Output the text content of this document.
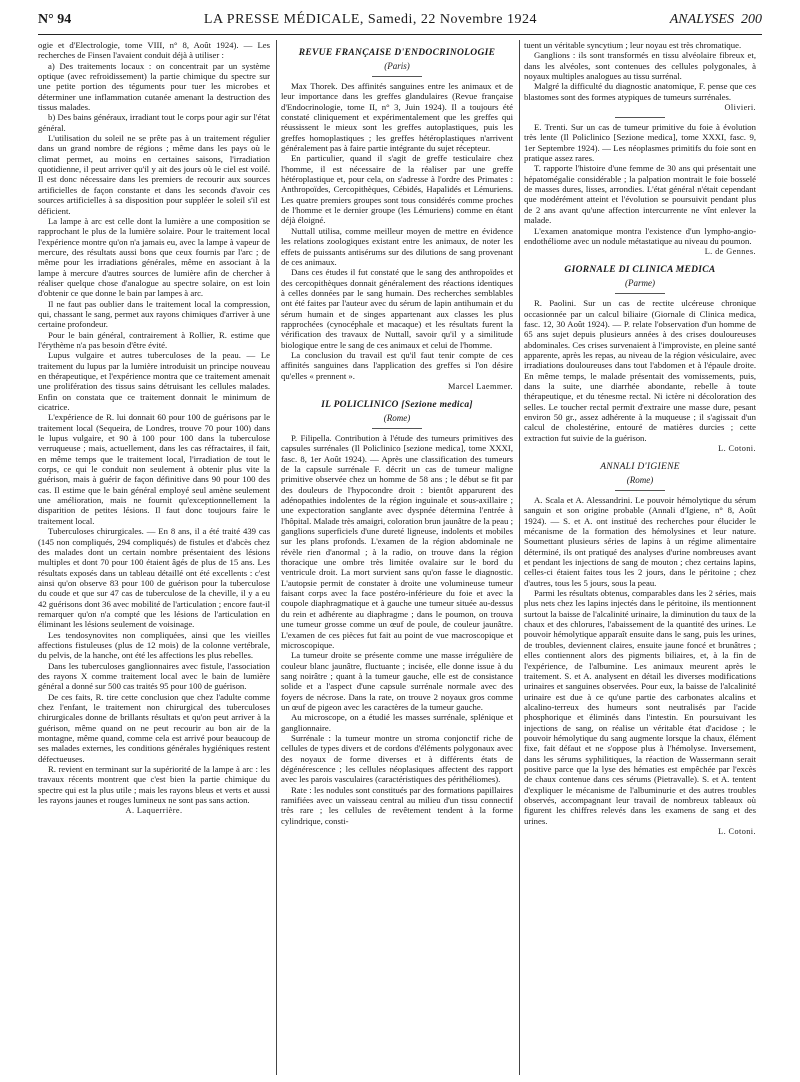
N° 94	LA PRESSE MÉDICALE, Samedi, 22 Novembre 1924	ANALYSES 200

ogie et d'Electrologie, tome VIII, n° 8, Août 1924). — Les recherches de Finsen l'avaient conduit déjà à utiliser :

a) Des traitements locaux : on concentrait par un système optique (avec refroidissement) la partie chimique du spectre sur une petite portion des téguments pour tuer les microbes et déterminer une inflammation cutanée amenant la destruction des tissus malades.

b) Des bains généraux, irradiant tout le corps pour agir sur l'état général.

L'utilisation du soleil ne se prête pas à un traitement régulier dans un grand nombre de régions ; même dans les pays où le climat permet, au moins en certaines saisons, l'irradiation quotidienne, il peut arriver qu'il y ait des jours où le ciel est voilé. Il est donc nécessaire dans les premiers de recourir aux sources artificielles de façon constante et dans les seconds d'avoir ces sources artificielles à sa disposition pour suppléer le soleil s'il est déficient.

La lampe à arc est celle dont la lumière a une composition se rapprochant le plus de la lumière solaire. Pour le traitement local l'expérience montre qu'on n'a jamais eu, avec la lampe à vapeur de mercure, des résultats aussi bons que ceux fournis par l'arc ; de même pour les irradiations générales, même en associant à la lampe à mercure d'autres sources de lumière afin de chercher à réaliser quelque chose d'analogue au spectre solaire, on est loin d'obtenir ce que donne le bain par lampes à arc.

Il ne faut pas oublier dans le traitement local la compression, qui, chassant le sang, permet aux rayons chimiques d'arriver à une certaine profondeur.

Pour le bain général, contrairement à Rollier, R. estime que l'érythème n'a pas besoin d'être évité.

Lupus vulgaire et autres tuberculoses de la peau. — Le traitement du lupus par la lumière introduisit un principe nouveau en thérapeutique, et l'expérience montra que ce traitement amenait une prolifération des tissus sains détruisant les cellules malades. Enfin on constata que ce traitement donnait le minimum de cicatrice.

L'expérience de R. lui donnait 60 pour 100 de guérisons par le traitement local (Sequeira, de Londres, trouve 70 pour 100) dans le lupus vulgaire, et 90 à 100 pour 100 dans la tuberculose verruqueuse ; mais, actuellement, dans les cas réfractaires, il fait, en même temps que le traitement local, l'irradiation de tout le corps, ce qui le conduit non seulement à obtenir plus vite la guérison, mais à guérir de façon définitive dans 90 pour 100 des cas. Il estime que le bain général employé seul amène seulement une amélioration, mais ne fournit qu'exceptionnellement la disparition de petites lésions. Il faut donc toujours faire le traitement local.

Tuberculoses chirurgicales. — En 8 ans, il a été traité 439 cas (145 non compliqués, 294 compliqués) de fistules et d'abcès chez des malades dont un certain nombre présentaient des lésions multiples et dont 70 pour 100 étaient âgés de plus de 15 ans. Les résultats exposés dans un tableau détaillé ont été excellents : c'est ainsi qu'on observe 83 pour 100 de guérison pour la tuberculose du coude et que sur 47 cas de tuberculose de la cheville, il y a eu 42 guérisons dont 36 avec mobilité de l'articulation ; encore faut-il remarquer qu'on n'a compté que les lésions de l'articulation en éliminant les lésions seulement de voisinage.

Les tendosynovites non compliquées, ainsi que les vieilles affections fistuleuses (plus de 12 mois) de la colonne vertébrale, du pelvis, de la hanche, ont été les affections les plus rebelles.

Dans les tuberculoses ganglionnaires avec fistule, l'association des rayons X comme traitement local avec le bain de lumière général a donné sur 500 cas traités 95 pour 100 de guérison.

De ces faits, R. tire cette conclusion que chez l'adulte comme chez l'enfant, le traitement non chirurgical des tuberculoses chirurgicales donne de brillants résultats et qu'on peut arriver à la guérison, même quand on ne peut recourir au bon air de la montagne, même quand, comme cela est arrivé pour beaucoup de ses malades externes, les conditions générales hygiéniques restent défectueuses.

R. revient en terminant sur la supériorité de la lampe à arc : les travaux récents montrent que c'est bien la partie chimique du spectre qui est la plus utile ; mais les rayons bleus et verts et aussi les rayons jaunes et rouges lumineux ne sont pas sans action.

A. Laquerrière.
REVUE FRANÇAISE D'ENDOCRINOLOGIE
(Paris)

Max Thorek. Des affinités sanguines entre les animaux et de leur importance dans les greffes glandulaires (Revue française d'Endocrinologie, tome II, n° 3, Juin 1924). Il a toujours été constaté cliniquement et expérimentalement que les greffes qui réussissent le mieux sont les greffes autoplastiques, puis les greffes homoplastiques ; les greffes hétéroplastiques n'arrivent généralement pas à faire partie intégrante du sujet récepteur.

En particulier, quand il s'agit de greffe testiculaire chez l'homme, il est nécessaire de la réaliser par une greffe hétéroplastique et, pour cela, on s'adresse à l'ordre des Primates : Anthropoïdes, Cercopithèques, Cébidés, Hapalidés et Lémuriens. Les quatre premiers groupes sont tous considérés comme proches de l'homme et le dernier groupe (les Lémuriens) comme en étant déjà éloigné.

Nuttall utilisa, comme meilleur moyen de mettre en évidence les relations zoologiques existant entre les animaux, de noter les effets de puissants antisérums sur des dilutions de sang provenant de ces animaux.

Dans ces études il fut constaté que le sang des anthropoïdes et des cercopithèques donnait généralement des réactions identiques à celles données par le sang humain. Des recherches semblables ont été faites par l'auteur avec du sérum de lapin antihumain et du sérum humain et de singes appartenant aux classes les plus rapprochées (cynocéphale et macaque) et les résultats furent la vérification des travaux de Nuttall, savoir qu'il y a similitude biologique entre le sang de ces animaux et celui de l'homme.

La conclusion du travail est qu'il faut tenir compte de ces affinités sanguines dans l'application des greffes si l'on désire qu'elles « prennent ».

Marcel Laemmer.
IL POLICLINICO [Sezione medica]
(Rome)

P. Filipella. Contribution à l'étude des tumeurs primitives des capsules surrénales (Il Policlinico [sezione medica], tome XXXI, fasc. 8, 1er Août 1924). — Après une classification des tumeurs de la capsule surrénale F. décrit un cas de tumeur maligne primitive observée chez un homme de 58 ans ; le début se fit par des douleurs de l'hypocondre droit : bientôt apparurent des adénopathies indolentes de la région inguinale et sous-axillaire ; une expectoration sanglante avec dyspnée détermina l'entrée à l'hôpital. Malade très amaigri, coloration brun jaunâtre de la peau ; ganglions superficiels d'une dureté ligneuse, indolents et mobiles sur les plans profonds. L'examen de la région abdominale ne révèle rien d'anormal ; à la radio, on trouve dans la région thoracique une ombre très limitée ovalaire sur le bord du ventricule droit. La mort survient sans qu'on fasse le diagnostic. L'autopsie permit de constater à droite une volumineuse tumeur faisant corps avec la face postéro-inférieure du foie et avec la coupole diaphragmatique et à gauche une tumeur située au-dessus du rein et adhérente au diaphragme ; dans le poumon, on trouva une tumeur grosse comme un œuf de poule, de couleur jaunâtre. L'examen de ces pièces fut fait au point de vue macroscopique et microscopique.

La tumeur droite se présente comme une masse irrégulière de couleur blanc jaunâtre, fluctuante ; incisée, elle donne issue à du sang noirâtre ; quant à la tumeur gauche, elle est de consistance solide et a l'aspect d'une capsule surrénale normale avec des foyers de nécrose. Dans la rate, on trouve 2 noyaux gros comme un œuf de pigeon avec les caractères de la tumeur gauche.

Au microscope, on a étudié les masses surrénale, splénique et ganglionnaire.

Surrénale : la tumeur montre un stroma conjonctif riche de cellules de types divers et de cordons d'éléments polygonaux avec des noyaux de forme diverses et à différents états de dégénérescence ; les cellules néoplasiques affectent des rapport avec les parois vasculaires (caractéristiques des périthéliomes).

Rate : les nodules sont constitués par des formations papillaires ramifiées avec un vaisseau central au milieu d'un tissu connectif très rare ; les cellules de revêtement tendent à la forme cylindrique, consti-

tuent un véritable syncytium ; leur noyau est très chromatique.

Ganglions : ils sont transformés en tissu alvéolaire fibreux et, dans les alvéoles, sont contenues des cellules polygonales, à noyaux multiples analogues au tissu surrénal.

Malgré la difficulté du diagnostic anatomique, F. pense que ces blastomes sont des formes atypiques de tumeurs surrénales.

Olivieri.

E. Trenti. Sur un cas de tumeur primitive du foie à évolution très lente (Il Policlinico [Sezione medica], tome XXXI, fasc. 9, 1er Septembre 1924). — Les néoplasmes primitifs du foie sont en pratique assez rares.

T. rapporte l'histoire d'une femme de 30 ans qui présentait une hépatomégalie considérable ; la palpation montrait le foie bosselé de masses dures, lisses, arrondies. L'état général n'était cependant que modérément atteint et l'évolution se poursuivit pendant plus de 2 ans avant qu'une affection intercurrente ne vînt enlever la malade.

L'examen anatomique montra l'existence d'un lympho-angio-endothéliome avec un nodule métastatique au niveau du poumon.

L. de Gennes.
GIORNALE DI CLINICA MEDICA
(Parme)

R. Paolini. Sur un cas de rectite ulcéreuse chronique occasionnée par un calcul biliaire (Giornale di Clinica medica, fasc. 12, 30 Août 1924). — P. relate l'observation d'un homme de 65 ans sujet depuis plusieurs années à des crises douloureuses abdominales. Ces crises survenaient à l'improviste, en pleine santé apparente, après les repas, au niveau de la région vésiculaire, avec irradiations douloureuses dans tout l'abdomen et à l'épaule droite. En même temps, le malade présentait des vomissements, puis, dans la suite, une diarrhée abondante, rebelle à toute thérapeutique, et du ténesme rectal. Ni ictère ni décoloration des selles. Le toucher rectal permit d'extraire une masse dure, pesant environ 50 gr., assez adhérente à la muqueuse ; il s'agissait d'un calcul de cholestérine, entouré de matières durcies ; cette extraction fut suivie de la guérison.

L. Cotoni.
ANNALI D'IGIENE
(Rome)

A. Scala et A. Alessandrini. Le pouvoir hémolytique du sérum sanguin et son origine probable (Annali d'Igiene, n° 8, Août 1924). — S. et A. ont institué des recherches pour élucider le mécanisme de la formation des hémolysines et leur nature. Soumettant plusieurs séries de lapins à un régime alimentaire déterminé, ils ont pratiqué des analyses d'urine nombreuses avant et pendant les injections de sang de mouton ; chez certains lapins, celles-ci étaient faites tous les 2 jours, dans le péritoine ; chez d'autres, tous les 5 jours, sous la peau.

Parmi les résultats obtenus, comparables dans les 2 séries, mais plus nets chez les lapins injectés dans le péritoine, ils mentionnent surtout la baisse de l'alcalinité urinaire, la diminution du taux de la chaux et des chlorures, l'abaissement de la quantité des urines. Le pouvoir hémolytique apparaît ensuite dans le sang, puis les urines, de troubles, deviennent claires, ensuite jaune foncé et brunâtres ; elles contiennent alors des pigments biliaires, et, à la fin de l'expérience, de l'albumine. Les animaux meurent après le traitement. S. et A. analysent en détail les diverses modifications urinaires et sanguines observées. Pour eux, la baisse de l'alcalinité urinaire est due à ce qu'une partie des carbonates alcalins et alcalino-terreux des humeurs sont neutralisés par l'acide phosphorique et éliminés dans l'intestin. En poursuivant les injections de sang, on réalise un véritable état d'acidose ; le pouvoir hémolytique du sang augmente lorsque la chaux, élément fixe, fait défaut et ne s'oppose plus à l'hémolyse. Inversement, dans les sérums syphilitiques, la réaction de Wassermann serait positive parce que la lyse des hématies est empêchée par l'excès de chaux contenue dans ces sérums (Pietravalle). S. et A. tentent d'expliquer le mécanisme de l'albuminurie et des autres troubles observés, accompagnant leur travail de nombreux tableaux où figurent les chiffres relevés dans les examens de sang et des urines.

L. Cotoni.
